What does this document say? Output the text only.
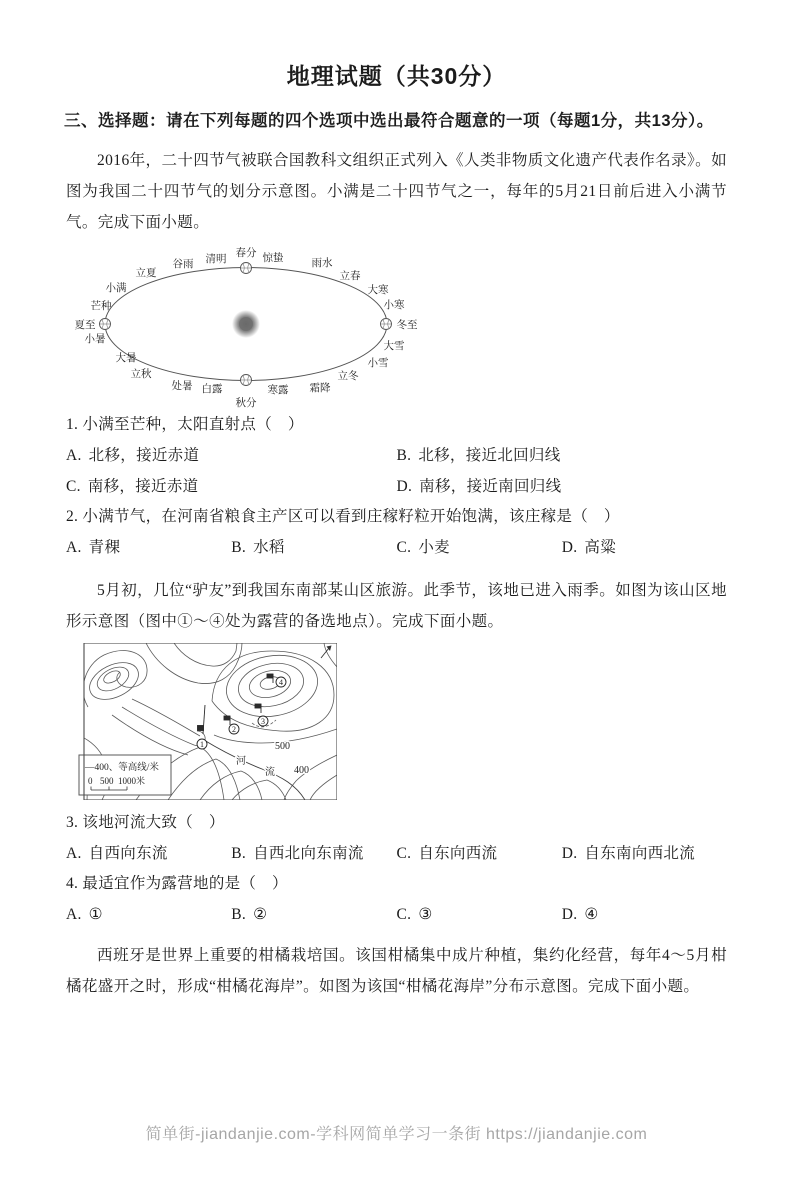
地理试题（共30分）
三、选择题：请在下列每题的四个选项中选出最符合题意的一项（每题1分，共13分）。

2016年，二十四节气被联合国教科文组织正式列入《人类非物质文化遗产代表作名录》。如图为我国二十四节气的划分示意图。小满是二十四节气之一，每年的5月21日前后进入小满节气。完成下面小题。

春分 惊蛰	雨水
立春
大寒
小寒
冬至
大雪
小雪
立冬
霜降
寒露
秋分
白露
处暑
立秋
大暑
小暑
夏至
芒种
小满
立夏
谷雨 清明
1. 小满至芒种，太阳直射点（　）
A. 北移，接近赤道	B. 北移，接近北回归线
C. 南移，接近赤道	D. 南移，接近南回归线
2. 小满节气，在河南省粮食主产区可以看到庄稼籽粒开始饱满，该庄稼是（　）
A. 青稞	B. 水稻	C. 小麦	D. 高粱

5月初，几位“驴友”到我国东南部某山区旅游。此季节，该地已进入雨季。如图为该山区地形示意图（图中①～④处为露营的备选地点）。完成下面小题。

1
2
3
4
500
400
河
流
—400、等高线/米
0 500 1000米
3. 该地河流大致（　）
A. 自西向东流	B. 自西北向东南流	C. 自东向西流	D. 自东南向西北流
4. 最适宜作为露营地的是（　）
A. ①	B. ②	C. ③	D. ④

西班牙是世界上重要的柑橘栽培国。该国柑橘集中成片种植，集约化经营，每年4～5月柑橘花盛开之时，形成“柑橘花海岸”。如图为该国“柑橘花海岸”分布示意图。完成下面小题。

简单街-jiandanjie.com-学科网简单学习一条街 https://jiandanjie.com
